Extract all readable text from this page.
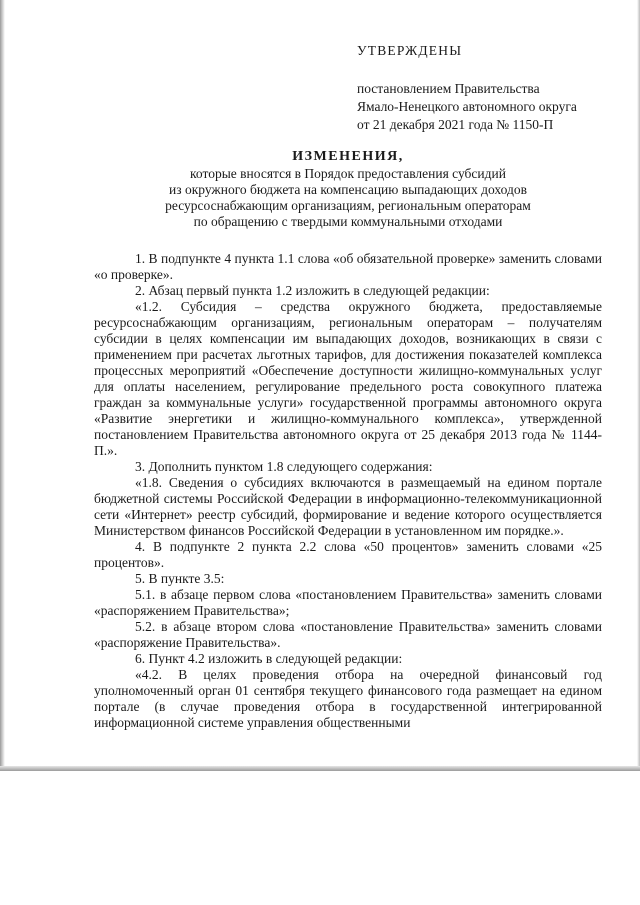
УТВЕРЖДЕНЫ
постановлением Правительства
Ямало-Ненецкого автономного округа
от 21 декабря 2021 года № 1150-П
ИЗМЕНЕНИЯ,
которые вносятся в Порядок предоставления субсидий
из окружного бюджета на компенсацию выпадающих доходов
ресурсоснабжающим организациям, региональным операторам
по обращению с твердыми коммунальными отходами

1. В подпункте 4 пункта 1.1 слова «об обязательной проверке» заменить словами «о проверке».

2. Абзац первый пункта 1.2 изложить в следующей редакции:

«1.2. Субсидия – средства окружного бюджета, предоставляемые ресурсоснабжающим организациям, региональным операторам – получателям субсидии в целях компенсации им выпадающих доходов, возникающих в связи с применением при расчетах льготных тарифов, для достижения показателей комплекса процессных мероприятий «Обеспечение доступности жилищно-коммунальных услуг для оплаты населением, регулирование предельного роста совокупного платежа граждан за коммунальные услуги» государственной программы автономного округа «Развитие энергетики и жилищно-коммунального комплекса», утвержденной постановлением Правительства автономного округа от 25 декабря 2013 года № 1144-П.».

3. Дополнить пунктом 1.8 следующего содержания:

«1.8. Сведения о субсидиях включаются в размещаемый на едином портале бюджетной системы Российской Федерации в информационно-телекоммуникационной сети «Интернет» реестр субсидий, формирование и ведение которого осуществляется Министерством финансов Российской Федерации в установленном им порядке.».

4. В подпункте 2 пункта 2.2 слова «50 процентов» заменить словами «25 процентов».

5. В пункте 3.5:

5.1. в абзаце первом слова «постановлением Правительства» заменить словами «распоряжением Правительства»;

5.2. в абзаце втором слова «постановление Правительства» заменить словами «распоряжение Правительства».

6. Пункт 4.2 изложить в следующей редакции:

«4.2. В целях проведения отбора на очередной финансовый год уполномоченный орган 01 сентября текущего финансового года размещает на едином портале (в случае проведения отбора в государственной интегрированной информационной системе управления общественными
